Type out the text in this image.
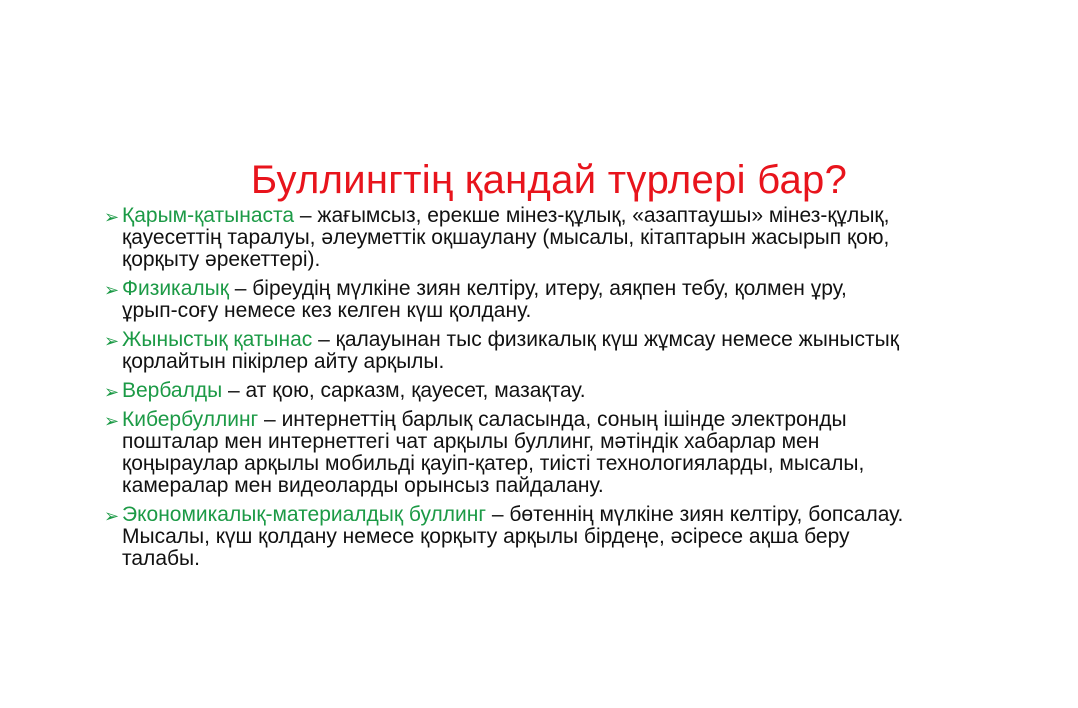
Буллингтің қандай түрлері бар?
➢ Қарым-қатынаста – жағымсыз, ерекше мінез-құлық, «азаптаушы» мінез-құлық, қауесеттің таралуы, әлеуметтік оқшаулану (мысалы, кітаптарын жасырып қою, қорқыту әрекеттері).
➢ Физикалық – біреудің мүлкіне зиян келтіру, итеру, аяқпен тебу, қолмен ұру, ұрып-соғу немесе кез келген күш қолдану.
➢ Жыныстық қатынас – қалауынан тыс физикалық күш жұмсау немесе жыныстық қорлайтын пікірлер айту арқылы.
➢ Вербалды – ат қою, сарказм, қауесет, мазақтау.
➢ Кибербуллинг – интернеттің барлық саласында, соның ішінде электронды пошталар мен интернеттегі чат арқылы буллинг, мәтіндік хабарлар мен қоңыраулар арқылы мобильді қауіп-қатер, тиісті технологияларды, мысалы, камералар мен видеоларды орынсыз пайдалану.
➢ Экономикалық-материалдық буллинг – бөтеннің мүлкіне зиян келтіру, бопсалау. Мысалы, күш қолдану немесе қорқыту арқылы бірдеңе, әсіресе ақша беру талабы.
